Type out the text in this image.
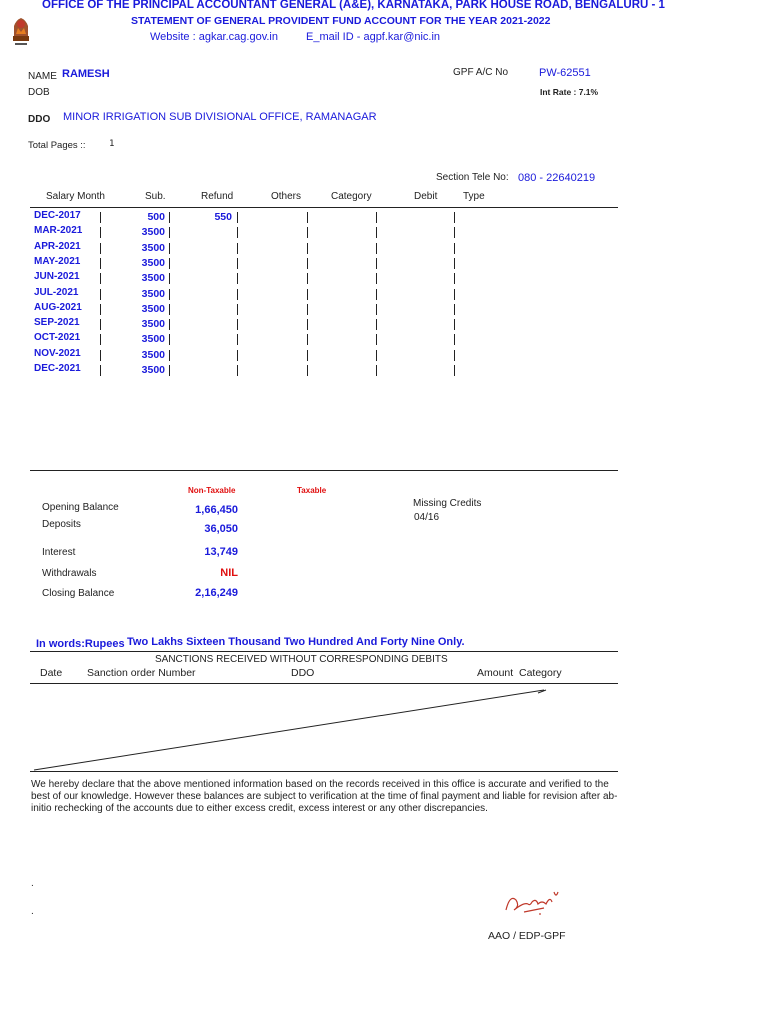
OFFICE OF THE PRINCIPAL ACCOUNTANT GENERAL (A&E), KARNATAKA, PARK HOUSE ROAD, BENGALURU - 1
STATEMENT OF GENERAL PROVIDENT FUND ACCOUNT FOR THE YEAR 2021-2022
Website : agkar.cag.gov.in	E_mail ID - agpf.kar@nic.in
NAME RAMESH
DOB
GPF A/C No	PW-62551
Int Rate : 7.1%
DDO MINOR IRRIGATION SUB DIVISIONAL OFFICE, RAMANAGAR
Total Pages ::	1
Section Tele No: 080 - 22640219
Salary Month	Sub.	Refund	Others	Category	Debit	Type
DEC-2017	500	550
MAR-2021	3500
APR-2021	3500
MAY-2021	3500
JUN-2021	3500
JUL-2021	3500
AUG-2021	3500
SEP-2021	3500
OCT-2021	3500
NOV-2021	3500
DEC-2021	3500
Non-Taxable	Taxable
Missing Credits
04/16
Opening Balance	1,66,450
Deposits	36,050
Interest	13,749
Withdrawals	NIL
Closing Balance	2,16,249
In words:Rupees Two Lakhs Sixteen Thousand Two Hundred And Forty Nine Only.
SANCTIONS RECEIVED WITHOUT CORRESPONDING DEBITS
Date Sanction order Number	DDO	Amount Category
We hereby declare that the above mentioned information based on the records received in this office is accurate and verified to the best of our knowledge. However these balances are subject to verification at the time of final payment and liable for revision after ab-initio rechecking of the accounts due to either excess credit, excess interest or any other discrepancies.
.
.
AAO / EDP-GPF
